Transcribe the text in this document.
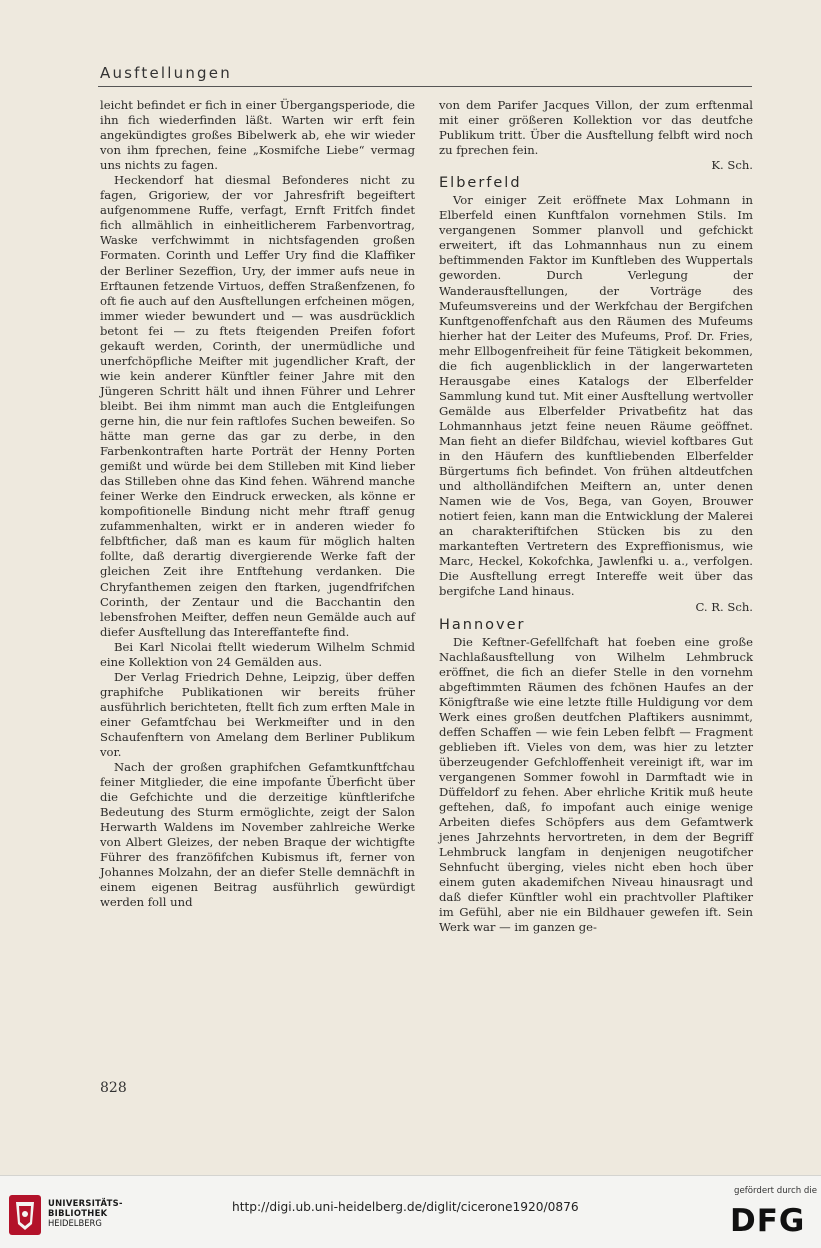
Ausftellungen

leicht befindet er fich in einer Übergangsperiode, die ihn fich wiederfinden läßt. Warten wir erft fein angekündigtes großes Bibelwerk ab, ehe wir wieder von ihm fprechen, feine „Kosmifche Liebe“ vermag uns nichts zu fagen.

Heckendorf hat diesmal Befonderes nicht zu fagen, Grigoriew, der vor Jahresfrift begeiftert aufgenommene Ruffe, verfagt, Ernft Fritfch findet fich allmählich in einheitlicherem Farbenvortrag, Waske verfchwimmt in nichtsfagenden großen Formaten. Corinth und Leffer Ury find die Klaffiker der Berliner Sezeffion, Ury, der immer aufs neue in Erftaunen fetzende Virtuos, deffen Straßenfzenen, fo oft fie auch auf den Ausftellungen erfcheinen mögen, immer wieder bewundert und — was ausdrücklich betont fei — zu ftets fteigenden Preifen fofort gekauft werden, Corinth, der unermüdliche und unerfchöpfliche Meifter mit jugendlicher Kraft, der wie kein anderer Künftler feiner Jahre mit den Jüngeren Schritt hält und ihnen Führer und Lehrer bleibt. Bei ihm nimmt man auch die Entgleifungen gerne hin, die nur fein raftlofes Suchen beweifen. So hätte man gerne das gar zu derbe, in den Farbenkontraften harte Porträt der Henny Porten gemißt und würde bei dem Stilleben mit Kind lieber das Stilleben ohne das Kind fehen. Während manche feiner Werke den Eindruck erwecken, als könne er kompofitionelle Bindung nicht mehr ftraff genug zufammenhalten, wirkt er in anderen wieder fo felbftficher, daß man es kaum für möglich halten follte, daß derartig divergierende Werke faft der gleichen Zeit ihre Entftehung verdanken. Die Chryfanthemen zeigen den ftarken, jugendfrifchen Corinth, der Zentaur und die Bacchantin den lebensfrohen Meifter, deffen neun Gemälde auch auf diefer Ausftellung das Intereffantefte find.

Bei Karl Nicolai ftellt wiederum Wilhelm Schmid eine Kollektion von 24 Gemälden aus.

Der Verlag Friedrich Dehne, Leipzig, über deffen graphifche Publikationen wir bereits früher ausführlich berichteten, ftellt fich zum erften Male in einer Gefamtfchau bei Werkmeifter und in den Schaufenftern von Amelang dem Berliner Publikum vor.

Nach der großen graphifchen Gefamtkunftfchau feiner Mitglieder, die eine impofante Überficht über die Gefchichte und die derzeitige künftlerifche Bedeutung des Sturm ermöglichte, zeigt der Salon Herwarth Waldens im November zahlreiche Werke von Albert Gleizes, der neben Braque der wichtigfte Führer des franzöfifchen Kubismus ift, ferner von Johannes Molzahn, der an diefer Stelle demnächft in einem eigenen Beitrag ausführlich gewürdigt werden foll und

von dem Parifer Jacques Villon, der zum erftenmal mit einer größeren Kollektion vor das deutfche Publikum tritt. Über die Ausftellung felbft wird noch zu fprechen fein.

K. Sch.
Elberfeld

Vor einiger Zeit eröffnete Max Lohmann in Elberfeld einen Kunftfalon vornehmen Stils. Im vergangenen Sommer planvoll und gefchickt erweitert, ift das Lohmannhaus nun zu einem beftimmenden Faktor im Kunftleben des Wuppertals geworden. Durch Verlegung der Wanderausftellungen, der Vorträge des Mufeumsvereins und der Werkfchau der Bergifchen Kunftgenoffenfchaft aus den Räumen des Mufeums hierher hat der Leiter des Mufeums, Prof. Dr. Fries, mehr Ellbogenfreiheit für feine Tätigkeit bekommen, die fich augenblicklich in der langerwarteten Herausgabe eines Katalogs der Elberfelder Sammlung kund tut. Mit einer Ausftellung wertvoller Gemälde aus Elberfelder Privatbefitz hat das Lohmannhaus jetzt feine neuen Räume geöffnet. Man fieht an diefer Bildfchau, wieviel koftbares Gut in den Häufern des kunftliebenden Elberfelder Bürgertums fich befindet. Von frühen altdeutfchen und altholländifchen Meiftern an, unter denen Namen wie de Vos, Bega, van Goyen, Brouwer notiert feien, kann man die Entwicklung der Malerei an charakteriftifchen Stücken bis zu den markanteften Vertretern des Expreffionismus, wie Marc, Heckel, Kokofchka, Jawlenfki u. a., verfolgen. Die Ausftellung erregt Intereffe weit über das bergifche Land hinaus.

C. R. Sch.
Hannover

Die Keftner-Gefellfchaft hat foeben eine große Nachlaßausftellung von Wilhelm Lehmbruck eröffnet, die fich an diefer Stelle in den vornehm abgeftimmten Räumen des fchönen Haufes an der Königftraße wie eine letzte ftille Huldigung vor dem Werk eines großen deutfchen Plaftikers ausnimmt, deffen Schaffen — wie fein Leben felbft — Fragment geblieben ift. Vieles von dem, was hier zu letzter überzeugender Gefchloffenheit vereinigt ift, war im vergangenen Sommer fowohl in Darmftadt wie in Düffeldorf zu fehen. Aber ehrliche Kritik muß heute geftehen, daß, fo impofant auch einige wenige Arbeiten diefes Schöpfers aus dem Gefamtwerk jenes Jahrzehnts hervortreten, in dem der Begriff Lehmbruck langfam in denjenigen neugotifcher Sehnfucht überging, vieles nicht eben hoch über einem guten akademifchen Niveau hinausragt und daß diefer Künftler wohl ein prachtvoller Plaftiker im Gefühl, aber nie ein Bildhauer gewefen ift. Sein Werk war — im ganzen ge-

828
UNIVERSITÄTS-
BIBLIOTHEK
HEIDELBERG
http://digi.ub.uni-heidelberg.de/diglit/cicerone1920/0876
gefördert durch die
DFG
